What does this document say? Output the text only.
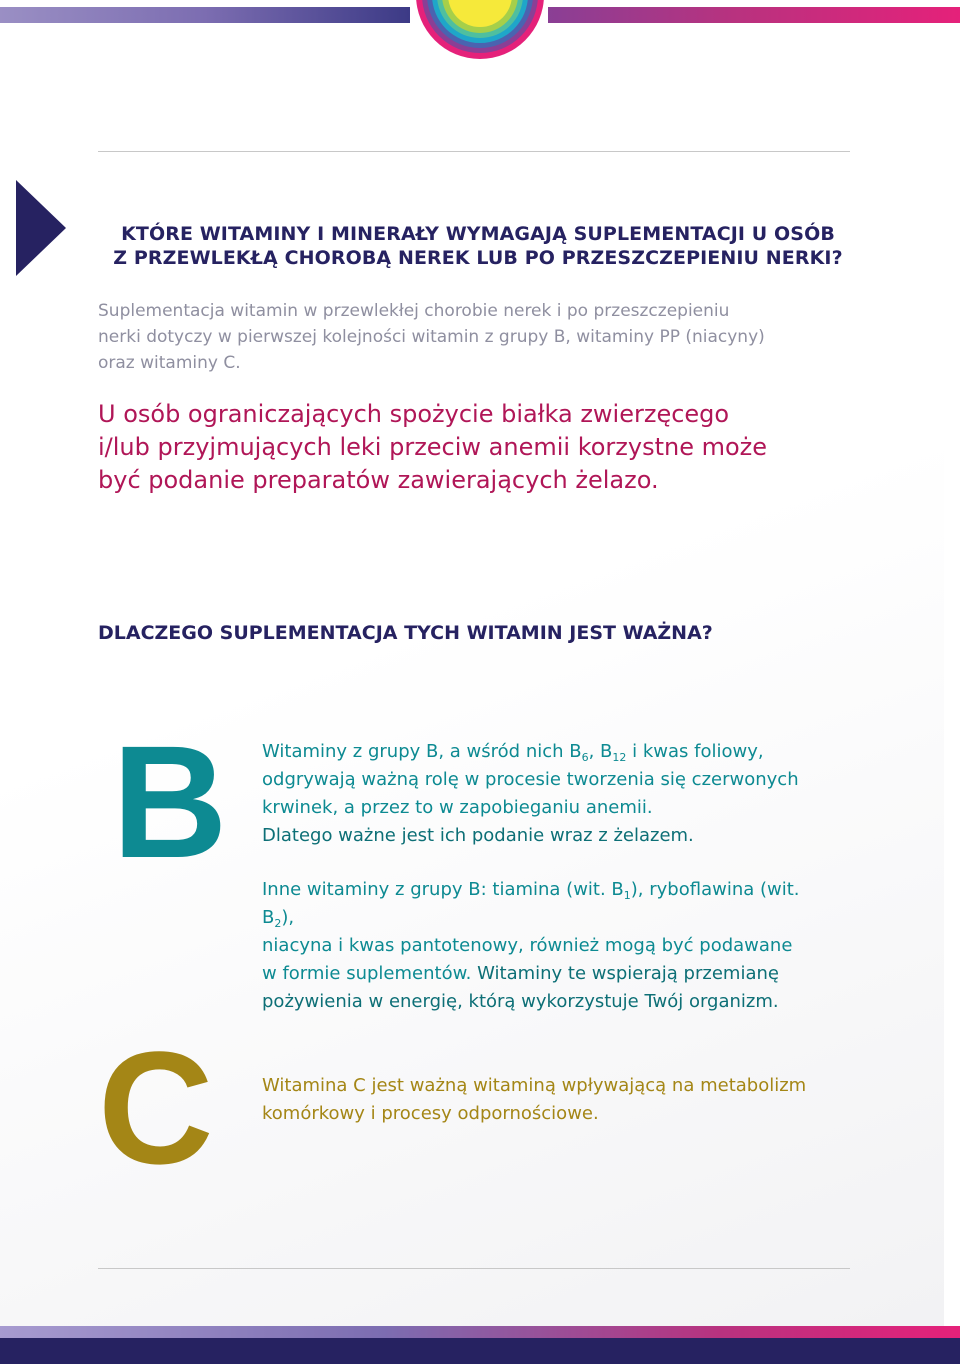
KTÓRE WITAMINY I MINERAŁY WYMAGAJĄ SUPLEMENTACJI U OSÓB
Z PRZEWLEKŁĄ CHOROBĄ NEREK LUB PO PRZESZCZEPIENIU NERKI?
Suplementacja witamin w przewlekłej chorobie nerek i po przeszczepieniu
nerki dotyczy w pierwszej kolejności witamin z grupy B, witaminy PP (niacyny)
oraz witaminy C.
U osób ograniczających spożycie białka zwierzęcego
i/lub przyjmujących leki przeciw anemii korzystne może
być podanie preparatów zawierających żelazo.
DLACZEGO SUPLEMENTACJA TYCH WITAMIN JEST WAŻNA?
B Witaminy z grupy B, a wśród nich $B_6$, $B_{12}$ i kwas foliowy,
odgrywają ważną rolę w procesie tworzenia się czerwonych
krwinek, a przez to w zapobieganiu anemii.
Dlatego ważne jest ich podanie wraz z żelazem.
Inne witaminy z grupy B: tiamina (wit. $B_1$), ryboflawina (wit. $B_2$),
niacyna i kwas pantotenowy, również mogą być podawane
w formie suplementów. Witaminy te wspierają przemianę
pożywienia w energię, którą wykorzystuje Twój organizm.
C	Witamina C jest ważną witaminą wpływającą na metabolizm
komórkowy i procesy odpornościowe.
